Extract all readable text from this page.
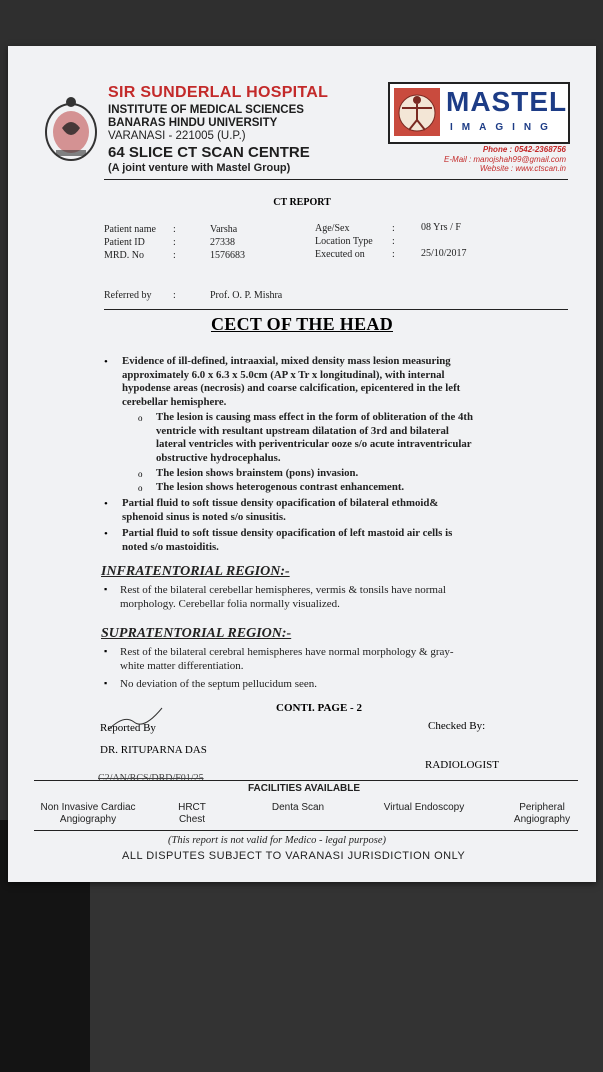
SIR SUNDERLAL HOSPITAL
INSTITUTE OF MEDICAL SCIENCES
BANARAS HINDU UNIVERSITY
VARANASI - 221005 (U.P.)
64 SLICE CT SCAN CENTRE
(A joint venture with Mastel Group)
MASTEL
IMAGING
Phone : 0542-2368756
E-Mail : manojshah99@gmail.com
Website : www.ctscan.in
CT REPORT
Patient name :	Varsha
Patient ID	:	27338
MRD. No	:	1576683
Age/Sex	:	08 Yrs / F
Location Type :
Executed on	:	25/10/2017
Referred by :	Prof. O. P. Mishra
CECT OF THE HEAD
• Evidence of ill-defined, intraaxial, mixed density mass lesion measuring
approximately 6.0 x 6.3 x 5.0cm (AP x Tr x longitudinal), with internal
hypodense areas (necrosis) and coarse calcification, epicentered in the left
cerebellar hemisphere.
o The lesion is causing mass effect in the form of obliteration of the 4th
ventricle with resultant upstream dilatation of 3rd and bilateral
lateral ventricles with periventricular ooze s/o acute intraventricular
obstructive hydrocephalus.
o The lesion shows brainstem (pons) invasion.
o The lesion shows heterogenous contrast enhancement.
• Partial fluid to soft tissue density opacification of bilateral ethmoid&
sphenoid sinus is noted s/o sinusitis.
• Partial fluid to soft tissue density opacification of left mastoid air cells is
noted s/o mastoiditis.
INFRATENTORIAL REGION:-
▪ Rest of the bilateral cerebellar hemispheres, vermis & tonsils have normal
morphology. Cerebellar folia normally visualized.
SUPRATENTORIAL REGION:-
▪ Rest of the bilateral cerebral hemispheres have normal morphology & gray-
white matter differentiation.
▪ No deviation of the septum pellucidum seen.
CONTI. PAGE - 2
Reported By	Checked By:
DR. RITUPARNA DAS
RADIOLOGIST
C2/AN/RCS/DRD/F01/25
FACILITIES AVAILABLE
Non Invasive Cardiac Angiography
HRCT Chest
Denta Scan	Virtual Endoscopy	Peripheral Angiography
(This report is not valid for Medico - legal purpose)
ALL DISPUTES SUBJECT TO VARANASI JURISDICTION ONLY
